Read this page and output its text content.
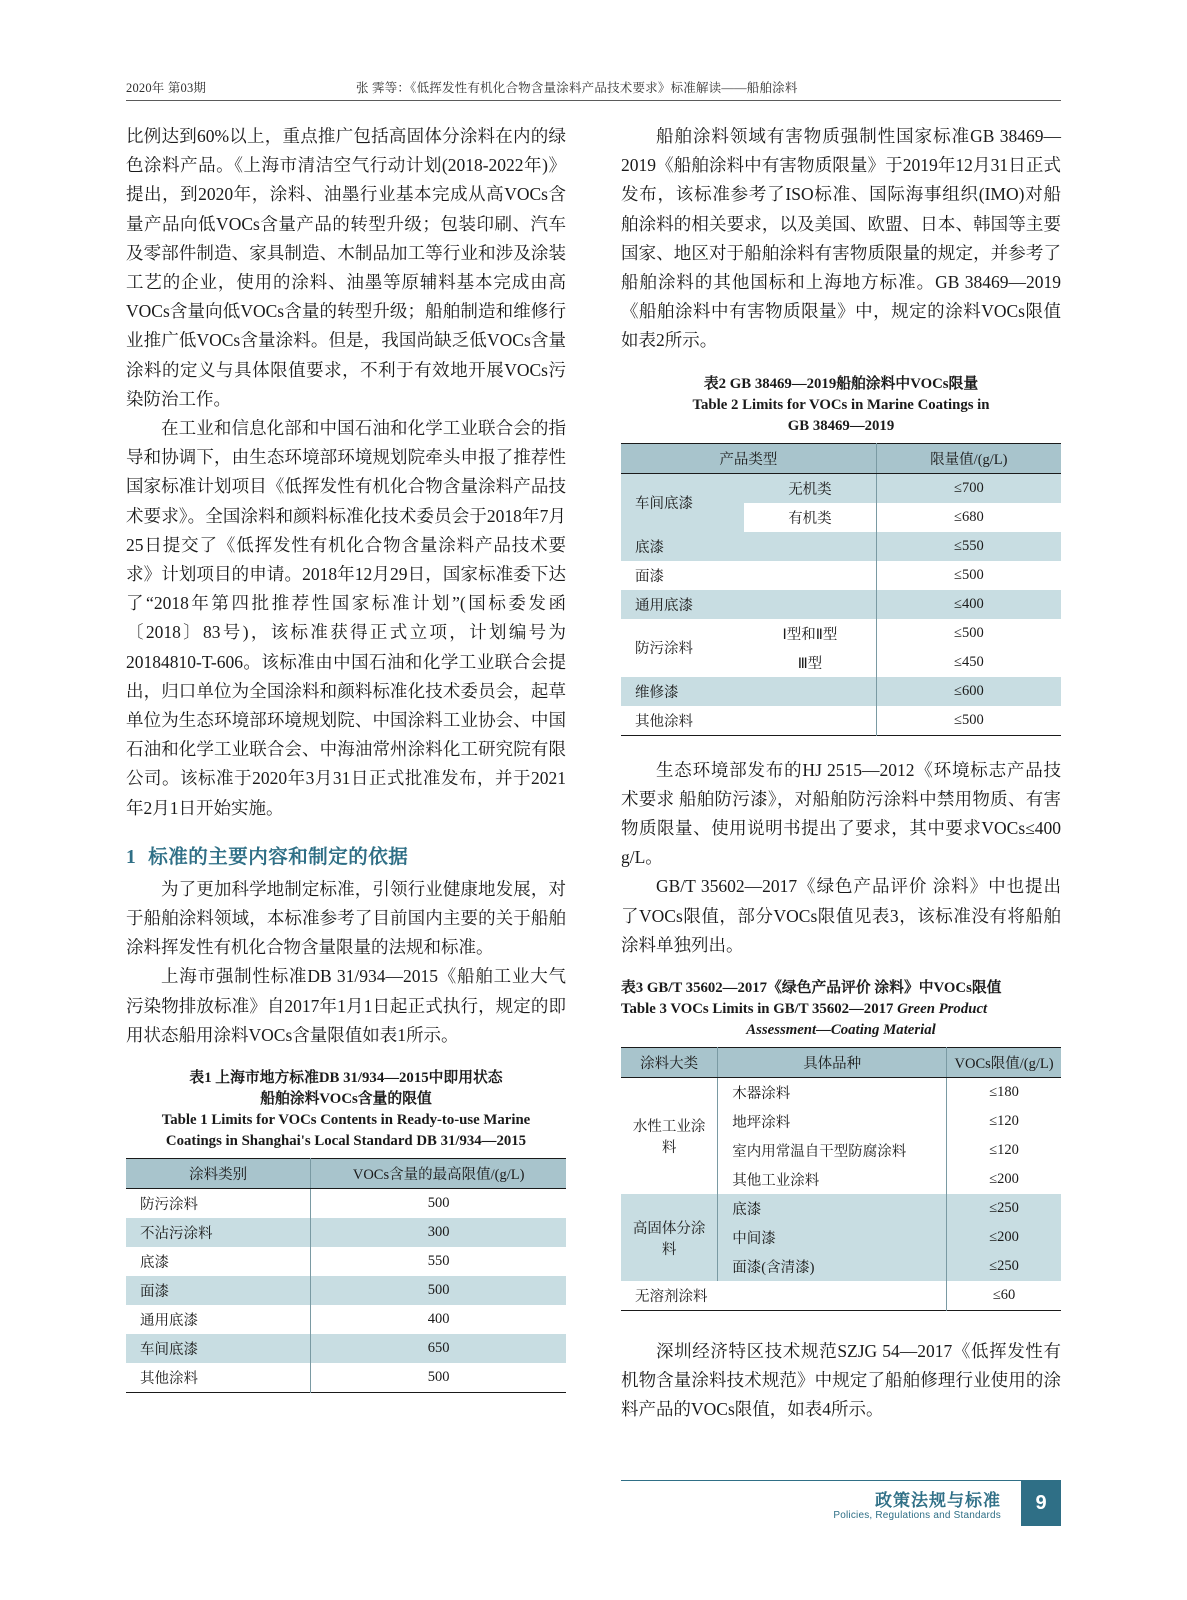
2020年 第03期	张 霁等：《低挥发性有机化合物含量涂料产品技术要求》标准解读——船舶涂料

比例达到60%以上，重点推广包括高固体分涂料在内的绿色涂料产品。《上海市清洁空气行动计划(2018-2022年)》提出，到2020年，涂料、油墨行业基本完成从高VOCs含量产品向低VOCs含量产品的转型升级；包装印刷、汽车及零部件制造、家具制造、木制品加工等行业和涉及涂装工艺的企业，使用的涂料、油墨等原辅料基本完成由高VOCs含量向低VOCs含量的转型升级；船舶制造和维修行业推广低VOCs含量涂料。但是，我国尚缺乏低VOCs含量涂料的定义与具体限值要求，不利于有效地开展VOCs污染防治工作。

在工业和信息化部和中国石油和化学工业联合会的指导和协调下，由生态环境部环境规划院牵头申报了推荐性国家标准计划项目《低挥发性有机化合物含量涂料产品技术要求》。全国涂料和颜料标准化技术委员会于2018年7月25日提交了《低挥发性有机化合物含量涂料产品技术要求》计划项目的申请。2018年12月29日，国家标准委下达了“2018年第四批推荐性国家标准计划”(国标委发函〔2018〕83号)，该标准获得正式立项，计划编号为20184810-T-606。该标准由中国石油和化学工业联合会提出，归口单位为全国涂料和颜料标准化技术委员会，起草单位为生态环境部环境规划院、中国涂料工业协会、中国石油和化学工业联合会、中海油常州涂料化工研究院有限公司。该标准于2020年3月31日正式批准发布，并于2021年2月1日开始实施。

1 标准的主要内容和制定的依据

为了更加科学地制定标准，引领行业健康地发展，对于船舶涂料领域，本标准参考了目前国内主要的关于船舶涂料挥发性有机化合物含量限量的法规和标准。

上海市强制性标准DB 31/934—2015《船舶工业大气污染物排放标准》自2017年1月1日起正式执行，规定的即用状态船用涂料VOCs含量限值如表1所示。

表1 上海市地方标准DB 31/934—2015中即用状态
船舶涂料VOCs含量的限值
Table 1 Limits for VOCs Contents in Ready-to-use Marine
Coatings in Shanghai's Local Standard DB 31/934—2015
涂料类别	VOCs含量的最高限值/(g/L)
防污涂料	500
不沾污涂料	300
底漆	550
面漆	500
通用底漆	400
车间底漆	650
其他涂料	500

船舶涂料领域有害物质强制性国家标准GB 38469—2019《船舶涂料中有害物质限量》于2019年12月31日正式发布，该标准参考了ISO标准、国际海事组织(IMO)对船舶涂料的相关要求，以及美国、欧盟、日本、韩国等主要国家、地区对于船舶涂料有害物质限量的规定，并参考了船舶涂料的其他国标和上海地方标准。GB 38469—2019《船舶涂料中有害物质限量》中，规定的涂料VOCs限值如表2所示。

表2 GB 38469—2019船舶涂料中VOCs限量
Table 2 Limits for VOCs in Marine Coatings in
GB 38469—2019
产品类型		限量值/(g/L)
车间底漆	无机类	≤700
	有机类	≤680
底漆		≤550
面漆		≤500
通用底漆		≤400
防污涂料	Ⅰ型和Ⅱ型	≤500
	Ⅲ型	≤450
维修漆		≤600
其他涂料		≤500

生态环境部发布的HJ 2515—2012《环境标志产品技术要求 船舶防污漆》，对船舶防污涂料中禁用物质、有害物质限量、使用说明书提出了要求，其中要求VOCs≤400 g/L。

GB/T 35602—2017《绿色产品评价 涂料》中也提出了VOCs限值，部分VOCs限值见表3，该标准没有将船舶涂料单独列出。

表3 GB/T 35602—2017《绿色产品评价 涂料》中VOCs限值
Table 3 VOCs Limits in GB/T 35602—2017 Green Product
Assessment—Coating Material
涂料大类	具体品种	VOCs限值/(g/L)
水性工业涂料	木器涂料	≤180
	地坪涂料	≤120
	室内用常温自干型防腐涂料	≤120
	其他工业涂料	≤200
高固体分涂料	底漆	≤250
	中间漆	≤200
	面漆(含清漆)	≤250
无溶剂涂料		≤60

深圳经济特区技术规范SZJG 54—2017《低挥发性有机物含量涂料技术规范》中规定了船舶修理行业使用的涂料产品的VOCs限值，如表4所示。

政策法规与标准
Policies, Regulations and Standards
9
